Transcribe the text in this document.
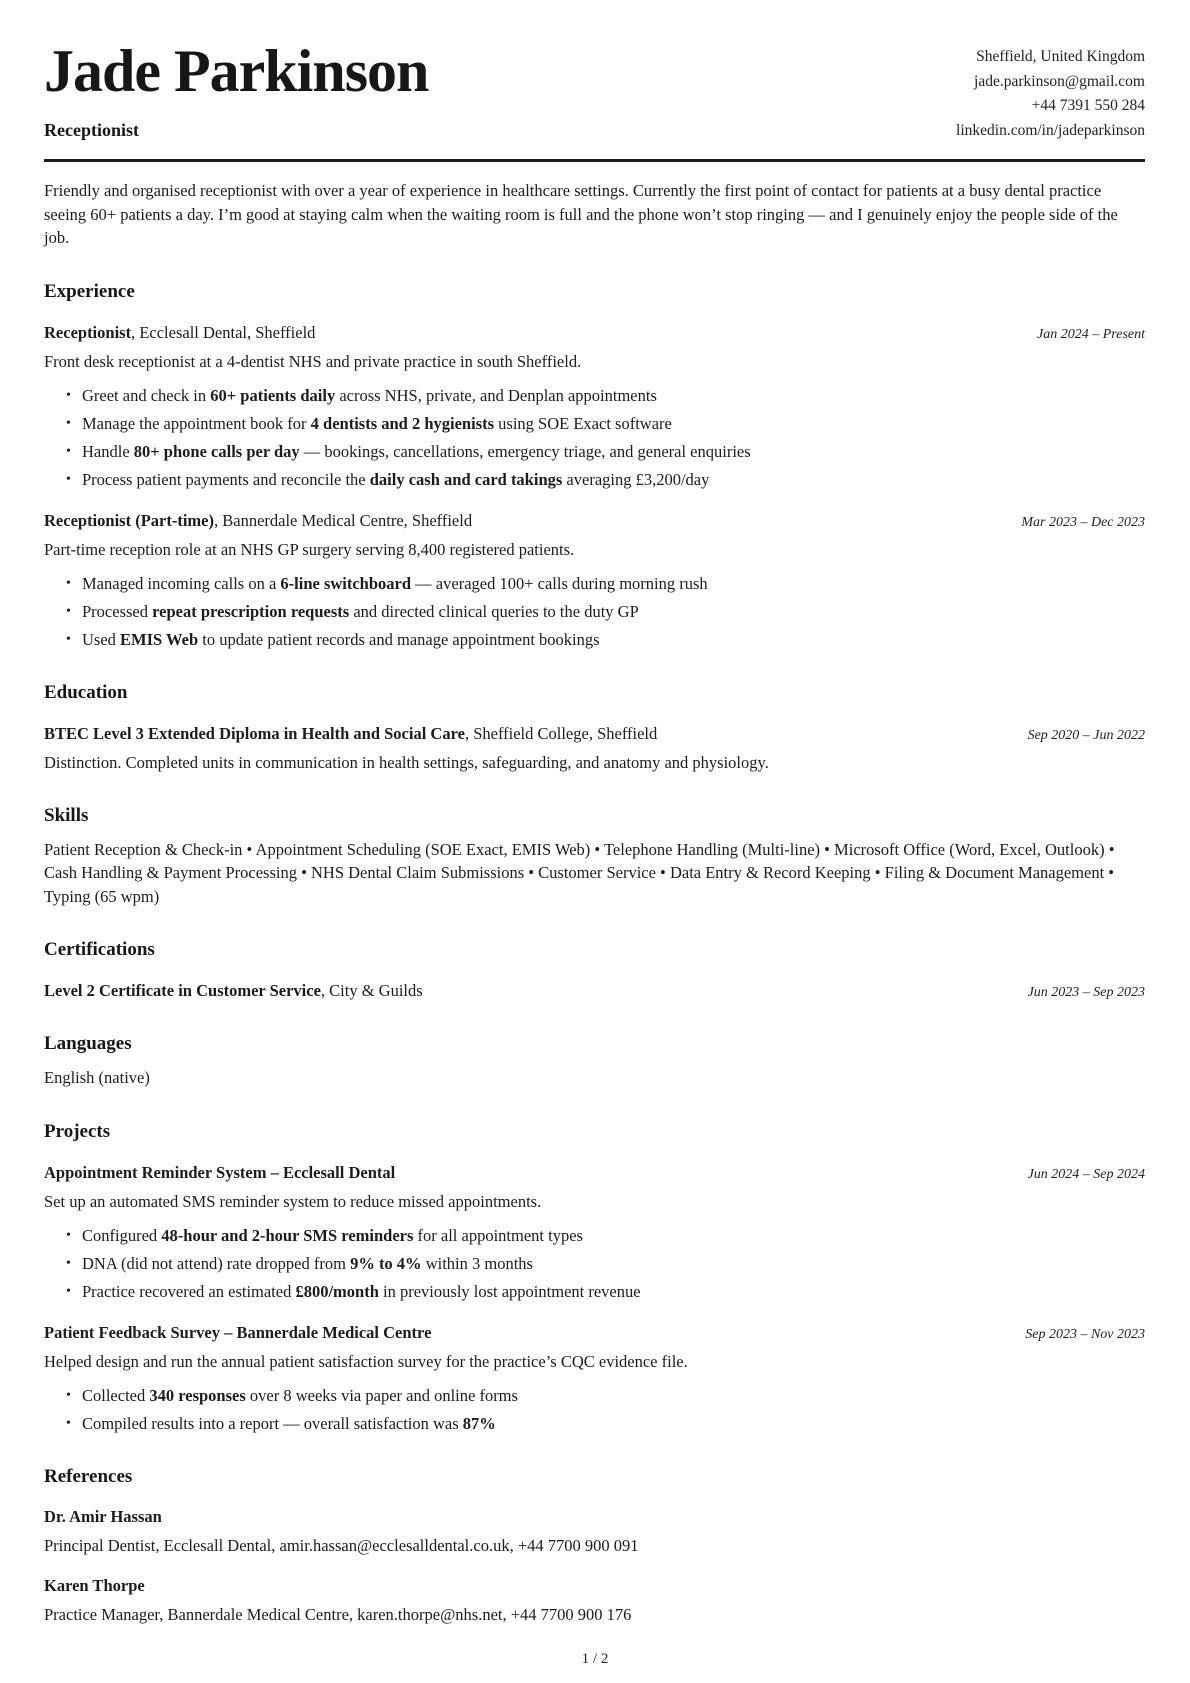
Jade Parkinson
Receptionist
Sheffield, United Kingdom
jade.parkinson@gmail.com
+44 7391 550 284
linkedin.com/in/jadeparkinson

Friendly and organised receptionist with over a year of experience in healthcare settings. Currently the first point of contact for patients at a busy dental practice seeing 60+ patients a day. I’m good at staying calm when the waiting room is full and the phone won’t stop ringing — and I genuinely enjoy the people side of the job.

Experience
Receptionist, Ecclesall Dental, Sheffield	Jan 2024 – Present

Front desk receptionist at a 4-dentist NHS and private practice in south Sheffield.

• Greet and check in 60+ patients daily across NHS, private, and Denplan appointments
• Manage the appointment book for 4 dentists and 2 hygienists using SOE Exact software
• Handle 80+ phone calls per day — bookings, cancellations, emergency triage, and general enquiries
• Process patient payments and reconcile the daily cash and card takings averaging £3,200/day
Receptionist (Part-time), Bannerdale Medical Centre, Sheffield	Mar 2023 – Dec 2023

Part-time reception role at an NHS GP surgery serving 8,400 registered patients.

• Managed incoming calls on a 6-line switchboard — averaged 100+ calls during morning rush
• Processed repeat prescription requests and directed clinical queries to the duty GP
• Used EMIS Web to update patient records and manage appointment bookings
Education
BTEC Level 3 Extended Diploma in Health and Social Care, Sheffield College, Sheffield	Sep 2020 – Jun 2022

Distinction. Completed units in communication in health settings, safeguarding, and anatomy and physiology.

Skills

Patient Reception & Check-in • Appointment Scheduling (SOE Exact, EMIS Web) • Telephone Handling (Multi-line) • Microsoft Office (Word, Excel, Outlook) • Cash Handling & Payment Processing • NHS Dental Claim Submissions • Customer Service • Data Entry & Record Keeping • Filing & Document Management • Typing (65 wpm)

Certifications
Level 2 Certificate in Customer Service, City & Guilds	Jun 2023 – Sep 2023
Languages

English (native)

Projects
Appointment Reminder System – Ecclesall Dental	Jun 2024 – Sep 2024

Set up an automated SMS reminder system to reduce missed appointments.

• Configured 48-hour and 2-hour SMS reminders for all appointment types
• DNA (did not attend) rate dropped from 9% to 4% within 3 months
• Practice recovered an estimated £800/month in previously lost appointment revenue
Patient Feedback Survey – Bannerdale Medical Centre	Sep 2023 – Nov 2023

Helped design and run the annual patient satisfaction survey for the practice’s CQC evidence file.

• Collected 340 responses over 8 weeks via paper and online forms
• Compiled results into a report — overall satisfaction was 87%
References
Dr. Amir Hassan
Principal Dentist, Ecclesall Dental, amir.hassan@ecclesalldental.co.uk, +44 7700 900 091
Karen Thorpe
Practice Manager, Bannerdale Medical Centre, karen.thorpe@nhs.net, +44 7700 900 176
1 / 2
